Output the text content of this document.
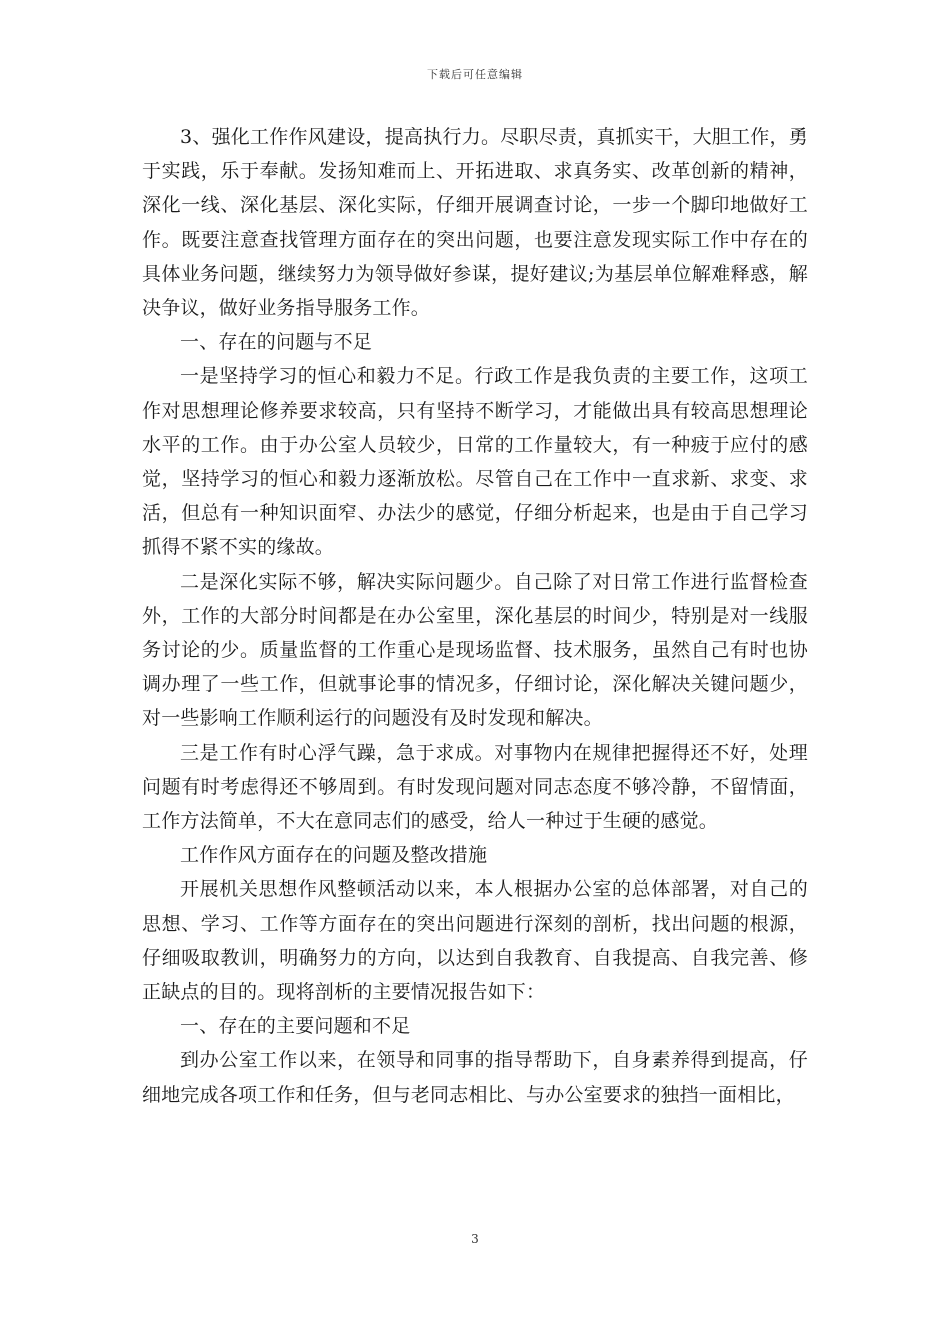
下载后可任意编辑

3、强化工作作风建设，提高执行力。尽职尽责，真抓实干，大胆工作，勇于实践，乐于奉献。发扬知难而上、开拓进取、求真务实、改革创新的精神，深化一线、深化基层、深化实际，仔细开展调查讨论，一步一个脚印地做好工作。既要注意查找管理方面存在的突出问题，也要注意发现实际工作中存在的具体业务问题，继续努力为领导做好参谋，提好建议;为基层单位解难释惑，解决争议，做好业务指导服务工作。

一、存在的问题与不足

一是坚持学习的恒心和毅力不足。行政工作是我负责的主要工作，这项工作对思想理论修养要求较高，只有坚持不断学习，才能做出具有较高思想理论水平的工作。由于办公室人员较少，日常的工作量较大，有一种疲于应付的感觉，坚持学习的恒心和毅力逐渐放松。尽管自己在工作中一直求新、求变、求活，但总有一种知识面窄、办法少的感觉，仔细分析起来，也是由于自己学习抓得不紧不实的缘故。

二是深化实际不够，解决实际问题少。自己除了对日常工作进行监督检查外，工作的大部分时间都是在办公室里，深化基层的时间少，特别是对一线服务讨论的少。质量监督的工作重心是现场监督、技术服务，虽然自己有时也协调办理了一些工作，但就事论事的情况多，仔细讨论，深化解决关键问题少，对一些影响工作顺利运行的问题没有及时发现和解决。

三是工作有时心浮气躁，急于求成。对事物内在规律把握得还不好，处理问题有时考虑得还不够周到。有时发现问题对同志态度不够冷静，不留情面，工作方法简单，不大在意同志们的感受，给人一种过于生硬的感觉。

工作作风方面存在的问题及整改措施

开展机关思想作风整顿活动以来，本人根据办公室的总体部署，对自己的思想、学习、工作等方面存在的突出问题进行深刻的剖析，找出问题的根源，仔细吸取教训，明确努力的方向，以达到自我教育、自我提高、自我完善、修正缺点的目的。现将剖析的主要情况报告如下：

一、存在的主要问题和不足

到办公室工作以来，在领导和同事的指导帮助下，自身素养得到提高，仔细地完成各项工作和任务，但与老同志相比、与办公室要求的独挡一面相比，

3
